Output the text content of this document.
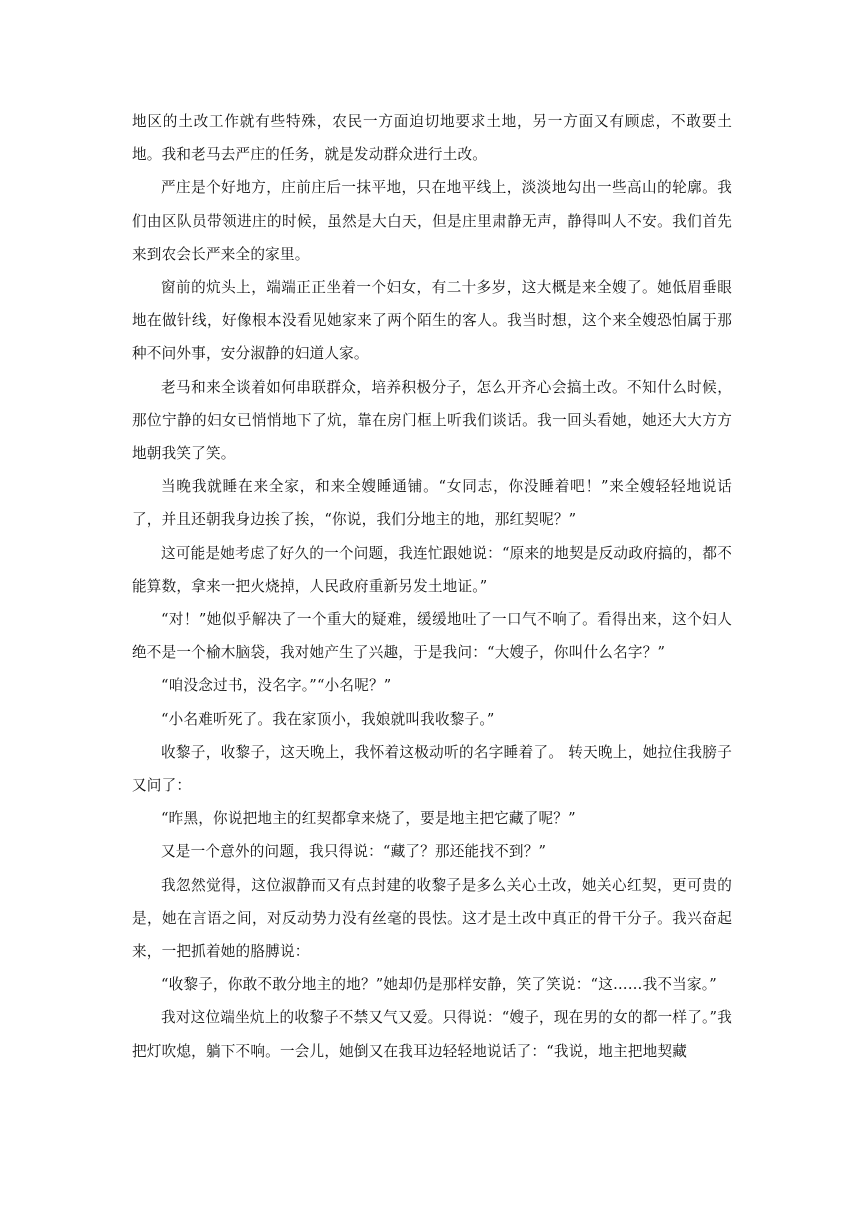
地区的土改工作就有些特殊，农民一方面迫切地要求土地，另一方面又有顾虑，不敢要土地。我和老马去严庄的任务，就是发动群众进行土改。

严庄是个好地方，庄前庄后一抹平地，只在地平线上，淡淡地勾出一些高山的轮廓。我们由区队员带领进庄的时候，虽然是大白天，但是庄里肃静无声，静得叫人不安。我们首先来到农会长严来全的家里。

窗前的炕头上，端端正正坐着一个妇女，有二十多岁，这大概是来全嫂了。她低眉垂眼地在做针线，好像根本没看见她家来了两个陌生的客人。我当时想，这个来全嫂恐怕属于那种不问外事，安分淑静的妇道人家。

老马和来全谈着如何串联群众，培养积极分子，怎么开齐心会搞土改。不知什么时候，那位宁静的妇女已悄悄地下了炕，靠在房门框上听我们谈话。我一回头看她，她还大大方方地朝我笑了笑。

当晚我就睡在来全家，和来全嫂睡通铺。“女同志，你没睡着吧！”来全嫂轻轻地说话了，并且还朝我身边挨了挨，“你说，我们分地主的地，那红契呢？”

这可能是她考虑了好久的一个问题，我连忙跟她说：“原来的地契是反动政府搞的，都不能算数，拿来一把火烧掉，人民政府重新另发土地证。”

“对！”她似乎解决了一个重大的疑难，缓缓地吐了一口气不响了。看得出来，这个妇人绝不是一个榆木脑袋，我对她产生了兴趣，于是我问：“大嫂子，你叫什么名字？”

“咱没念过书，没名字。”“小名呢？”

“小名难听死了。我在家顶小，我娘就叫我收黎子。”

收黎子，收黎子，这天晚上，我怀着这极动听的名字睡着了。 转天晚上，她拉住我膀子又问了：

“昨黑，你说把地主的红契都拿来烧了，要是地主把它藏了呢？”

又是一个意外的问题，我只得说：“藏了？那还能找不到？”

我忽然觉得，这位淑静而又有点封建的收黎子是多么关心土改，她关心红契，更可贵的是，她在言语之间，对反动势力没有丝毫的畏怯。这才是土改中真正的骨干分子。我兴奋起来，一把抓着她的胳膊说：

“收黎子，你敢不敢分地主的地？”她却仍是那样安静，笑了笑说：“这……我不当家。”

我对这位端坐炕上的收黎子不禁又气又爱。只得说：“嫂子，现在男的女的都一样了。”我把灯吹熄，躺下不响。一会儿，她倒又在我耳边轻轻地说话了：“我说，地主把地契藏
